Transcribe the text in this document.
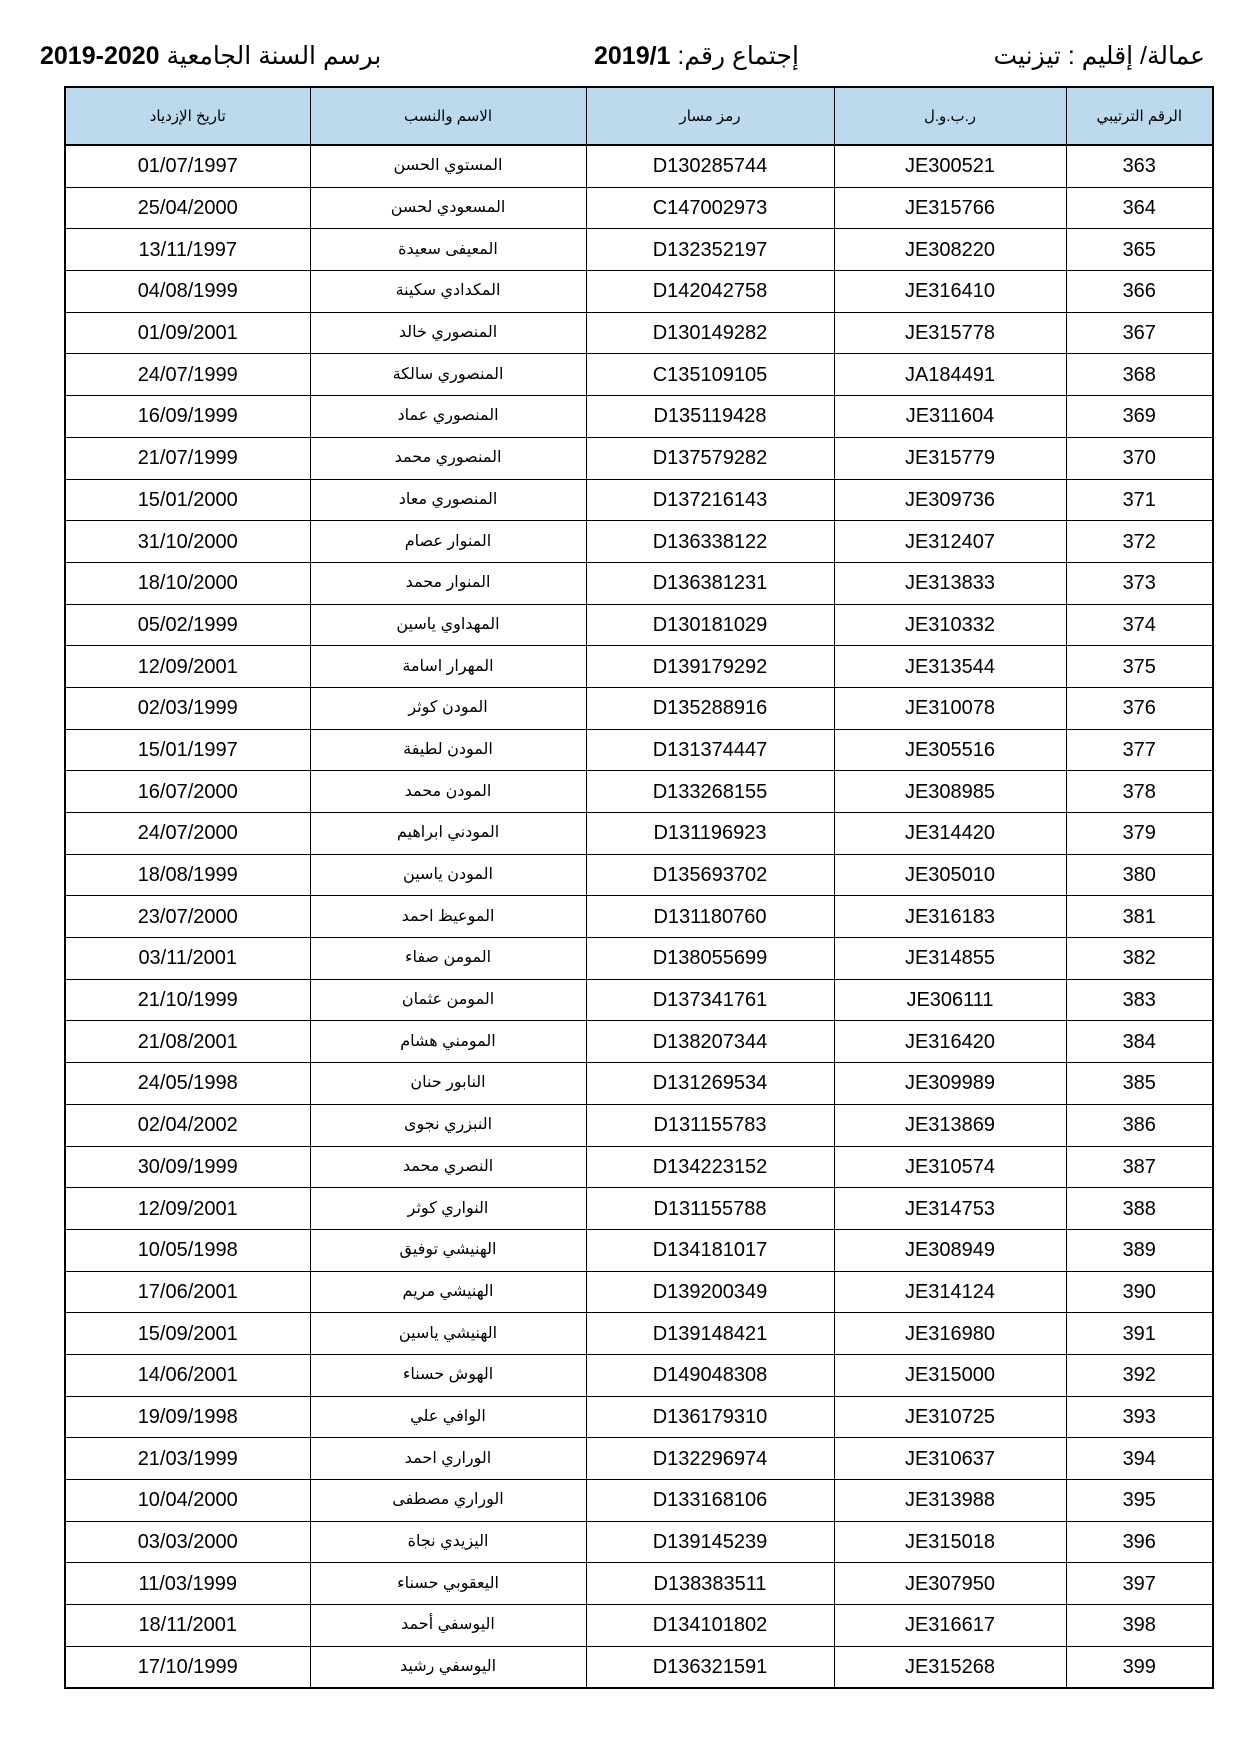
عمالة/ إقليم : تيزنيت
إجتماع رقم: 2019/1
برسم السنة الجامعية 2020-2019
تاريخ الإزدياد	الاسم والنسب	رمز مسار	ر.ب.و.ل	الرقم الترتيبي
01/07/1997	المستوي الحسن	D130285744	JE300521	363
25/04/2000	المسعودي لحسن	C147002973	JE315766	364
13/11/1997	المعيفى سعيدة	D132352197	JE308220	365
04/08/1999	المكدادي سكينة	D142042758	JE316410	366
01/09/2001	المنصوري خالد	D130149282	JE315778	367
24/07/1999	المنصوري سالكة	C135109105	JA184491	368
16/09/1999	المنصوري عماد	D135119428	JE311604	369
21/07/1999	المنصوري محمد	D137579282	JE315779	370
15/01/2000	المنصوري معاد	D137216143	JE309736	371
31/10/2000	المنوار عصام	D136338122	JE312407	372
18/10/2000	المنوار محمد	D136381231	JE313833	373
05/02/1999	المهداوي ياسين	D130181029	JE310332	374
12/09/2001	المهرار اسامة	D139179292	JE313544	375
02/03/1999	المودن كوثر	D135288916	JE310078	376
15/01/1997	المودن لطيفة	D131374447	JE305516	377
16/07/2000	المودن محمد	D133268155	JE308985	378
24/07/2000	المودني ابراهيم	D131196923	JE314420	379
18/08/1999	المودن ياسين	D135693702	JE305010	380
23/07/2000	الموعيظ احمد	D131180760	JE316183	381
03/11/2001	المومن صفاء	D138055699	JE314855	382
21/10/1999	المومن عثمان	D137341761	JE306111	383
21/08/2001	المومني هشام	D138207344	JE316420	384
24/05/1998	النابور حنان	D131269534	JE309989	385
02/04/2002	النبزري نجوى	D131155783	JE313869	386
30/09/1999	النصري محمد	D134223152	JE310574	387
12/09/2001	النواري كوثر	D131155788	JE314753	388
10/05/1998	الهنيشي توفيق	D134181017	JE308949	389
17/06/2001	الهنيشي مريم	D139200349	JE314124	390
15/09/2001	الهنيشي ياسين	D139148421	JE316980	391
14/06/2001	الهوش حسناء	D149048308	JE315000	392
19/09/1998	الوافي علي	D136179310	JE310725	393
21/03/1999	الوراري احمد	D132296974	JE310637	394
10/04/2000	الوراري مصطفى	D133168106	JE313988	395
03/03/2000	اليزيدي نجاة	D139145239	JE315018	396
11/03/1999	اليعقوبي حسناء	D138383511	JE307950	397
18/11/2001	اليوسفي أحمد	D134101802	JE316617	398
17/10/1999	اليوسفي رشيد	D136321591	JE315268	399
